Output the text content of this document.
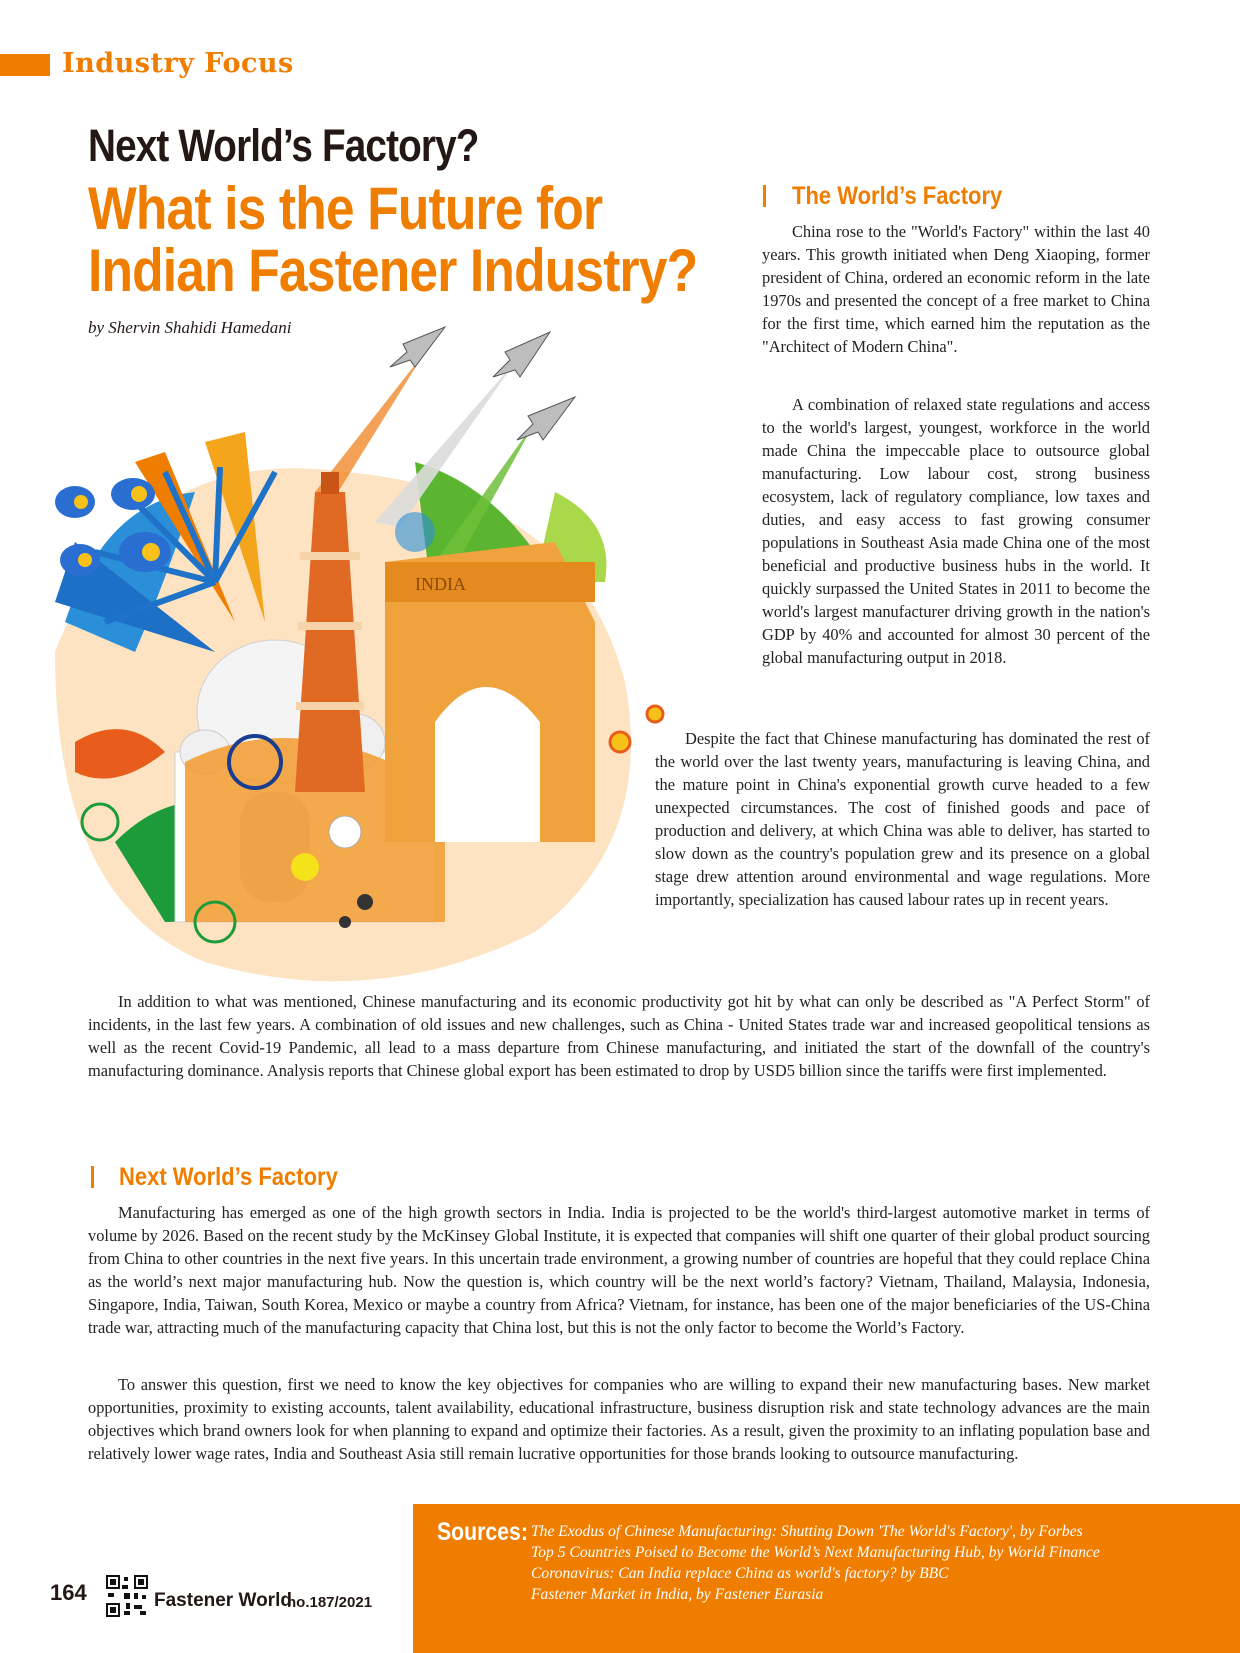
Industry Focus
Next World’s Factory?
What is the Future for Indian Fastener Industry?
by Shervin Shahidi Hamedani
INDIA
The World’s Factory

China rose to the "World's Factory" within the last 40 years. This growth initiated when Deng Xiaoping, former president of China, ordered an economic reform in the late 1970s and presented the concept of a free market to China for the first time, which earned him the reputation as the "Architect of Modern China".

A combination of relaxed state regulations and access to the world's largest, youngest, workforce in the world made China the impeccable place to outsource global manufacturing. Low labour cost, strong business ecosystem, lack of regulatory compliance, low taxes and duties, and easy access to fast growing consumer populations in Southeast Asia made China one of the most beneficial and productive business hubs in the world. It quickly surpassed the United States in 2011 to become the world's largest manufacturer driving growth in the nation's GDP by 40% and accounted for almost 30 percent of the global manufacturing output in 2018.

Despite the fact that Chinese manufacturing has dominated the rest of the world over the last twenty years, manufacturing is leaving China, and the mature point in China's exponential growth curve headed to a few unexpected circumstances. The cost of finished goods and pace of production and delivery, at which China was able to deliver, has started to slow down as the country's population grew and its presence on a global stage drew attention around environmental and wage regulations. More importantly, specialization has caused labour rates up in recent years.

In addition to what was mentioned, Chinese manufacturing and its economic productivity got hit by what can only be described as "A Perfect Storm" of incidents, in the last few years. A combination of old issues and new challenges, such as China - United States trade war and increased geopolitical tensions as well as the recent Covid-19 Pandemic, all lead to a mass departure from Chinese manufacturing, and initiated the start of the downfall of the country's manufacturing dominance. Analysis reports that Chinese global export has been estimated to drop by USD5 billion since the tariffs were first implemented.

Next World’s Factory

Manufacturing has emerged as one of the high growth sectors in India. India is projected to be the world's third-largest automotive market in terms of volume by 2026. Based on the recent study by the McKinsey Global Institute, it is expected that companies will shift one quarter of their global product sourcing from China to other countries in the next five years. In this uncertain trade environment, a growing number of countries are hopeful that they could replace China as the world’s next major manufacturing hub. Now the question is, which country will be the next world’s factory? Vietnam, Thailand, Malaysia, Indonesia, Singapore, India, Taiwan, South Korea, Mexico or maybe a country from Africa? Vietnam, for instance, has been one of the major beneficiaries of the US-China trade war, attracting much of the manufacturing capacity that China lost, but this is not the only factor to become the World’s Factory.

To answer this question, first we need to know the key objectives for companies who are willing to expand their new manufacturing bases. New market opportunities, proximity to existing accounts, talent availability, educational infrastructure, business disruption risk and state technology advances are the main objectives which brand owners look for when planning to expand and optimize their factories. As a result, given the proximity to an inflating population base and relatively lower wage rates, India and Southeast Asia still remain lucrative opportunities for those brands looking to outsource manufacturing.

Sources: The Exodus of Chinese Manufacturing: Shutting Down 'The World's Factory', by Forbes
Top 5 Countries Poised to Become the World’s Next Manufacturing Hub, by World Finance
Coronavirus: Can India replace China as world's factory? by BBC
Fastener Market in India, by Fastener Eurasia
164	Fastener World
no.187/2021
